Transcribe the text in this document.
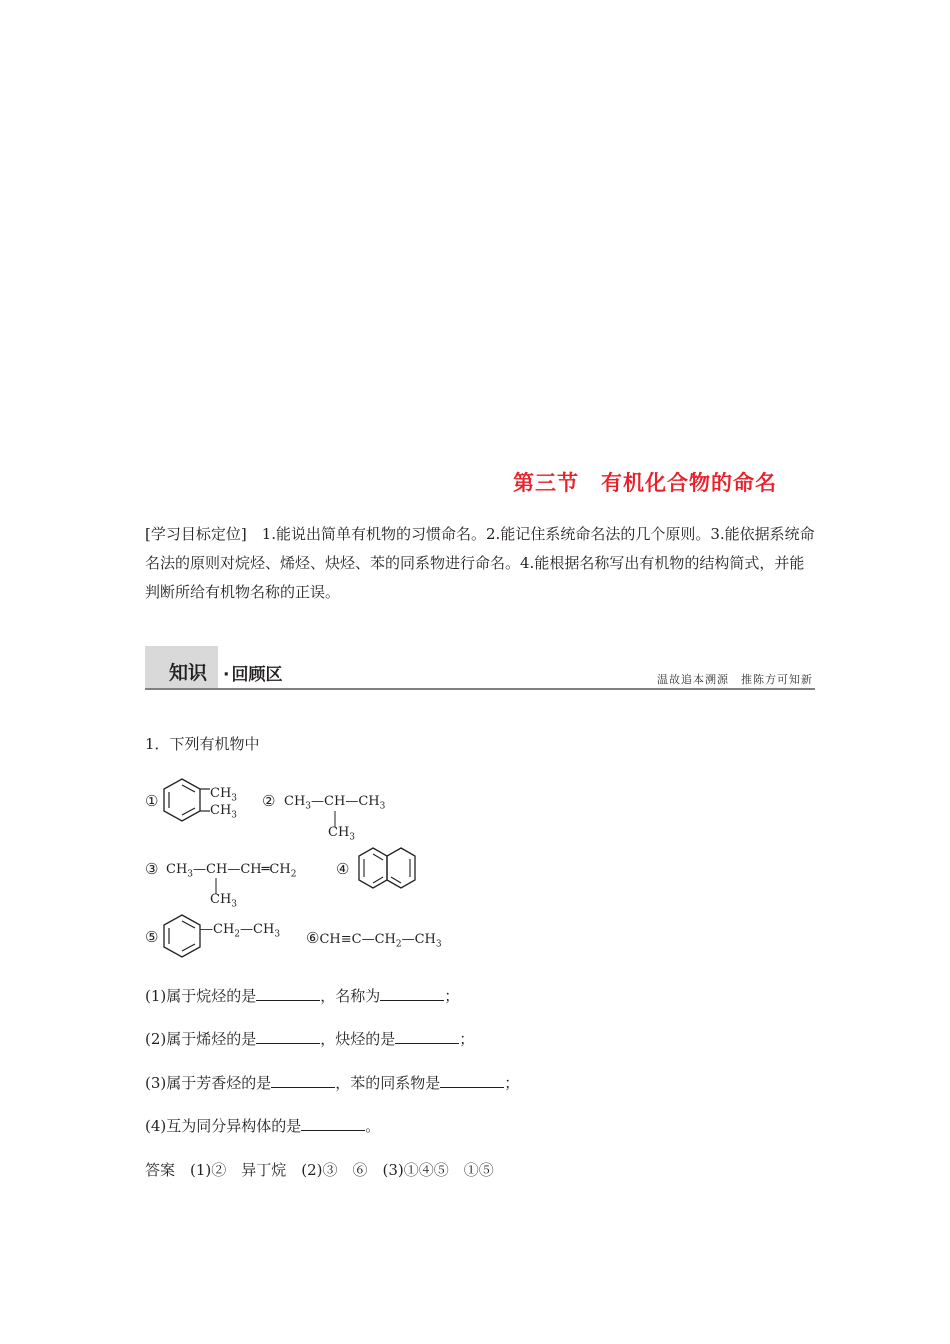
第三节 有机化合物的命名
[学习目标定位]　1.能说出简单有机物的习惯命名。2.能记住系统命名法的几个原则。3.能依据系统命名法的原则对烷烃、烯烃、炔烃、苯的同系物进行命名。4.能根据名称写出有机物的结构简式，并能判断所给有机物名称的正误。
知识 · 回顾区	温故追本溯源　推陈方可知新
1．下列有机物中
①	$CH_3$
$CH_3$
② $CH_3—CH—CH_3$
$CH_3$
③ $CH_3—CH—CH═CH_2$
$CH_3$
④
⑤	$—CH_2—CH_3$ $⑥CH\equiv C—CH_2—CH_3$
(1)属于烷烃的是	，名称为	；
(2)属于烯烃的是	，炔烃的是	；
(3)属于芳香烃的是	，苯的同系物是	；
(4)互为同分异构体的是	。
答案　(1)②　异丁烷　(2)③　⑥　(3)①④⑤　①⑤
